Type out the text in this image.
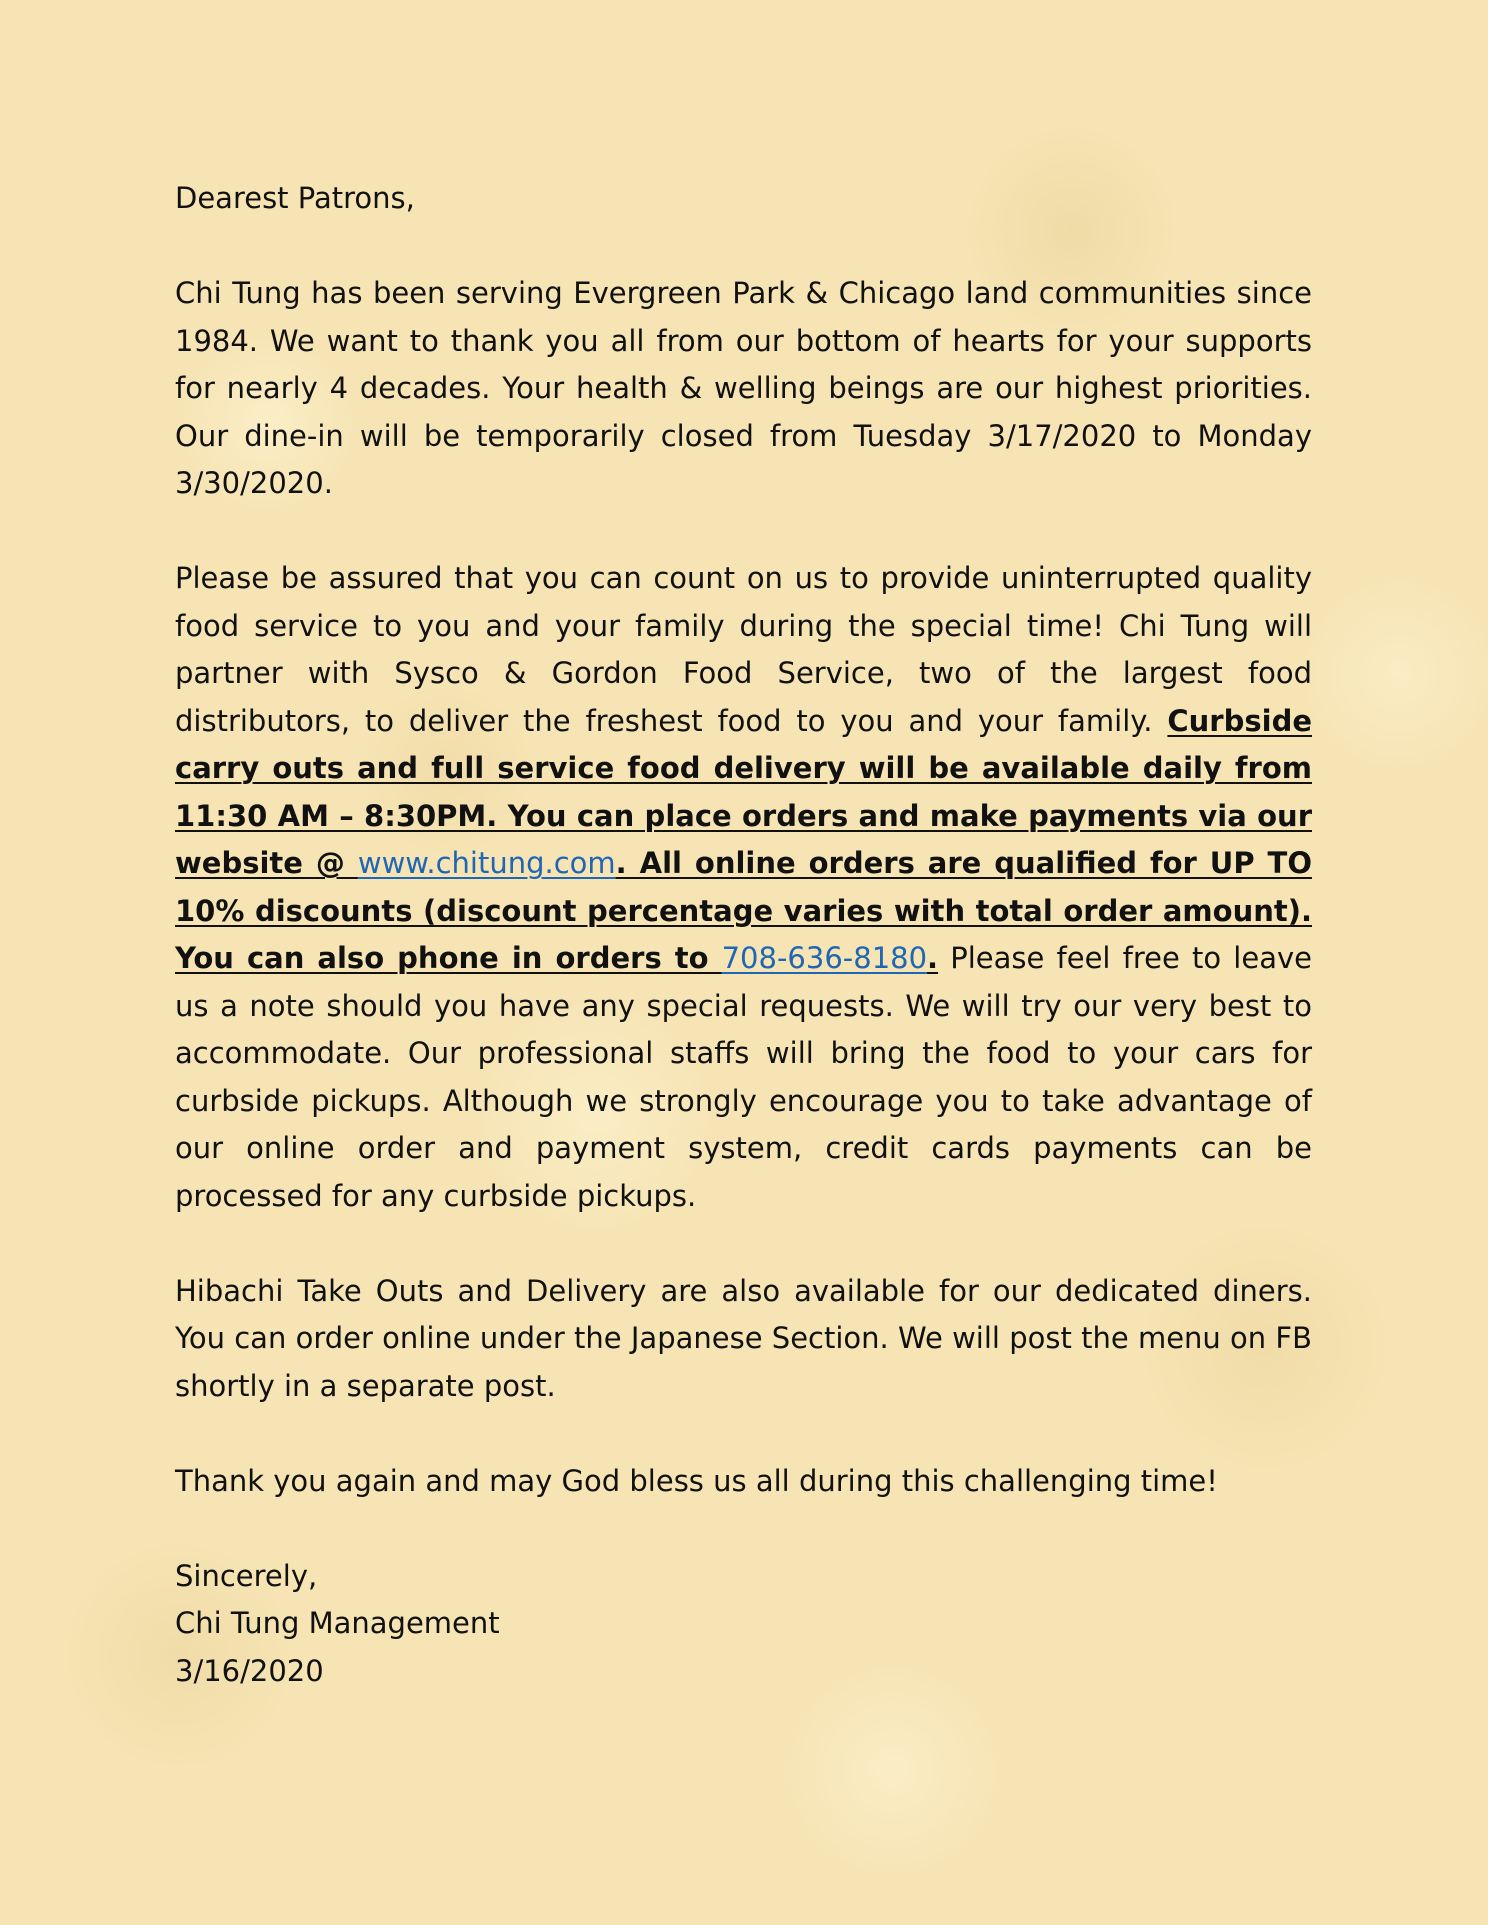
Dearest Patrons,

Chi Tung has been serving Evergreen Park & Chicago land communities since 1984. We want to thank you all from our bottom of hearts for your supports for nearly 4 decades. Your health & welling beings are our highest priorities. Our dine-in will be temporarily closed from Tuesday 3/17/2020 to Monday 3/30/2020.

Please be assured that you can count on us to provide uninterrupted quality food service to you and your family during the special time! Chi Tung will partner with Sysco & Gordon Food Service, two of the largest food distributors, to deliver the freshest food to you and your family. Curbside carry outs and full service food delivery will be available daily from 11:30 AM – 8:30PM. You can place orders and make payments via our website @ www.chitung.com. All online orders are qualified for UP TO 10% discounts (discount percentage varies with total order amount). You can also phone in orders to 708-636-8180. Please feel free to leave us a note should you have any special requests. We will try our very best to accommodate. Our professional staffs will bring the food to your cars for curbside pickups. Although we strongly encourage you to take advantage of our online order and payment system, credit cards payments can be processed for any curbside pickups.

Hibachi Take Outs and Delivery are also available for our dedicated diners. You can order online under the Japanese Section. We will post the menu on FB shortly in a separate post.

Thank you again and may God bless us all during this challenging time!

Sincerely,
Chi Tung Management
3/16/2020
